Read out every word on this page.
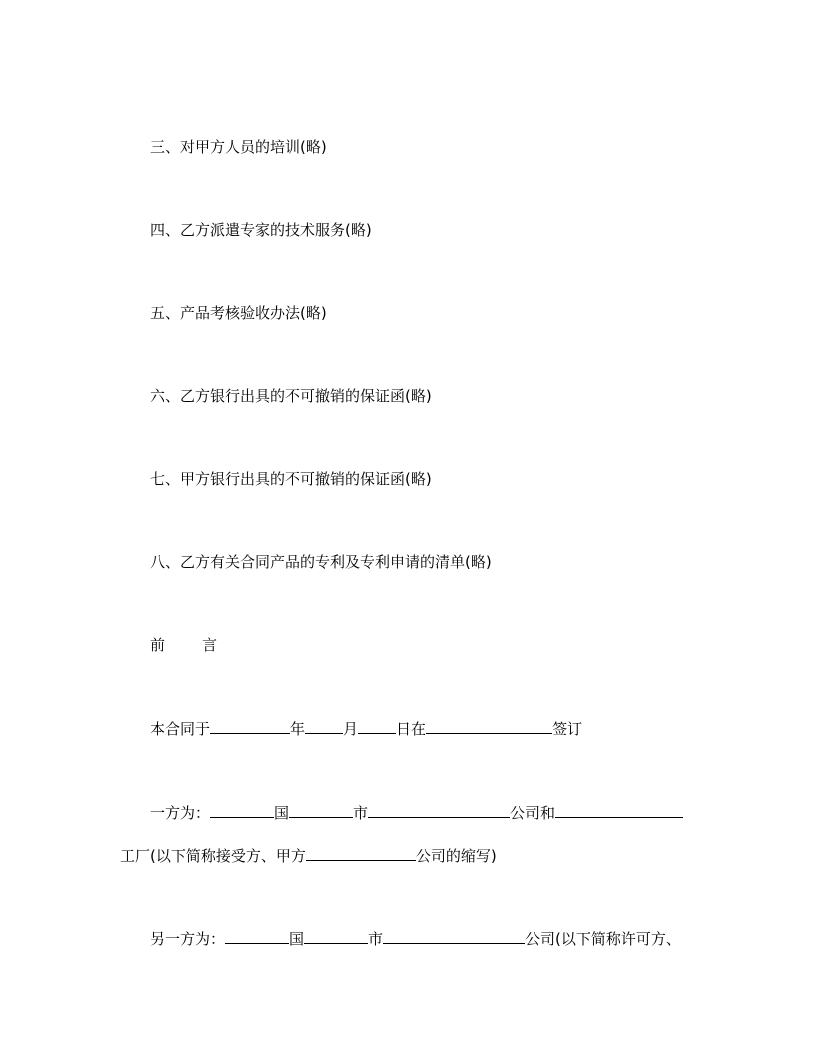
三、对甲方人员的培训(略)
四、乙方派遣专家的技术服务(略)
五、产品考核验收办法(略)
六、乙方银行出具的不可撤销的保证函(略)
七、甲方银行出具的不可撤销的保证函(略)
八、乙方有关合同产品的专利及专利申请的清单(略)
前 言
本合同于	年	月	日在	签订
一方为：	国	市	公司和
工厂(以下简称接受方、甲方	公司的缩写)
另一方为：	国	市	公司(以下简称许可方、
